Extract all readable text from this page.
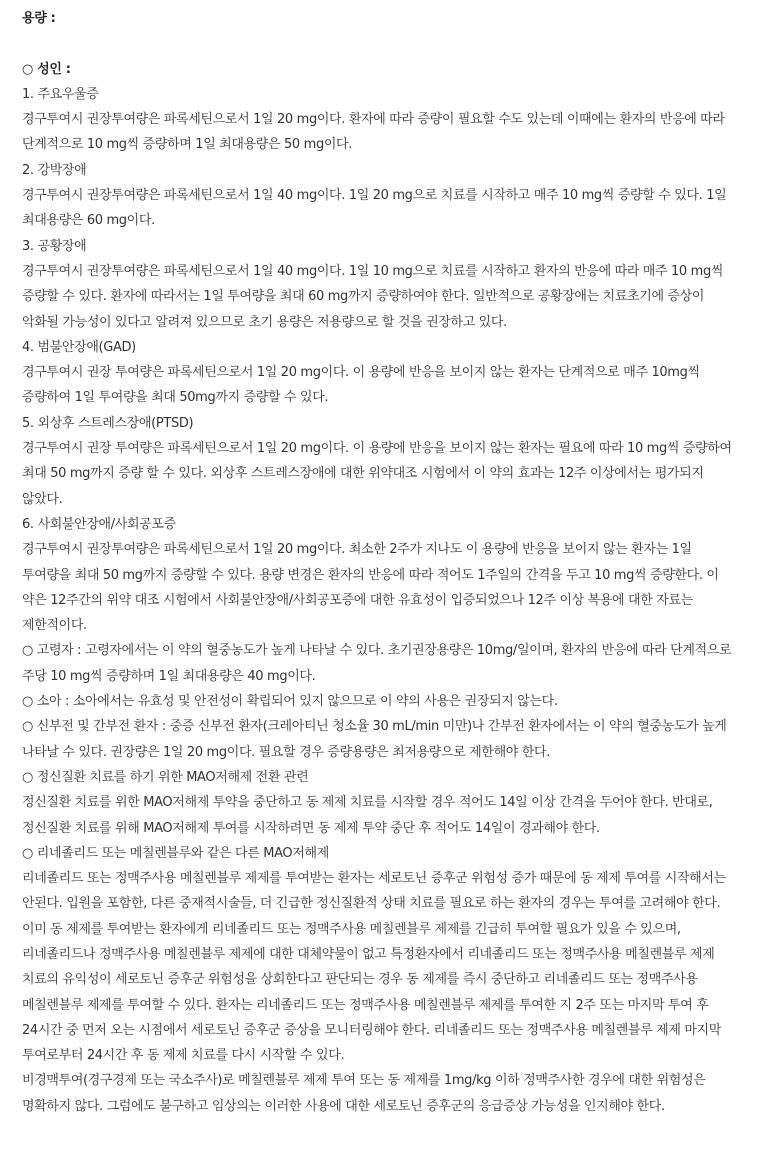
용량 :

○ 성인 :

1. 주요우울증

경구투여시 권장투여량은 파록세틴으로서 1일 20 mg이다. 환자에 따라 증량이 필요할 수도 있는데 이때에는 환자의 반응에 따라 단계적으로 10 mg씩 증량하며 1일 최대용량은 50 mg이다.

2. 강박장애

경구투여시 권장투여량은 파록세틴으로서 1일 40 mg이다. 1일 20 mg으로 치료를 시작하고 매주 10 mg씩 증량할 수 있다. 1일 최대용량은 60 mg이다.

3. 공황장애

경구투여시 권장투여량은 파록세틴으로서 1일 40 mg이다. 1일 10 mg으로 치료를 시작하고 환자의 반응에 따라 매주 10 mg씩 증량할 수 있다. 환자에 따라서는 1일 투여량을 최대 60 mg까지 증량하여야 한다. 일반적으로 공황장애는 치료초기에 증상이 악화될 가능성이 있다고 알려져 있으므로 초기 용량은 저용량으로 할 것을 권장하고 있다.

4. 범불안장애(GAD)

경구투여시 권장 투여량은 파록세틴으로서 1일 20 mg이다. 이 용량에 반응을 보이지 않는 환자는 단계적으로 매주 10mg씩 증량하여 1일 투여량을 최대 50mg까지 증량할 수 있다.

5. 외상후 스트레스장애(PTSD)

경구투여시 권장 투여량은 파록세틴으로서 1일 20 mg이다. 이 용량에 반응을 보이지 않는 환자는 필요에 따라 10 mg씩 증량하여 최대 50 mg까지 증량 할 수 있다. 외상후 스트레스장애에 대한 위약대조 시험에서 이 약의 효과는 12주 이상에서는 평가되지 않았다.

6. 사회불안장애/사회공포증

경구투여시 권장투여량은 파록세틴으로서 1일 20 mg이다. 최소한 2주가 지나도 이 용량에 반응을 보이지 않는 환자는 1일 투여량을 최대 50 mg까지 증량할 수 있다. 용량 변경은 환자의 반응에 따라 적어도 1주일의 간격을 두고 10 mg씩 증량한다. 이 약은 12주간의 위약 대조 시험에서 사회불안장애/사회공포증에 대한 유효성이 입증되었으나 12주 이상 복용에 대한 자료는 제한적이다.

○ 고령자 : 고령자에서는 이 약의 혈중농도가 높게 나타날 수 있다. 초기권장용량은 10mg/일이며, 환자의 반응에 따라 단계적으로 주당 10 mg씩 증량하며 1일 최대용량은 40 mg이다.

○ 소아 : 소아에서는 유효성 및 안전성이 확립되어 있지 않으므로 이 약의 사용은 권장되지 않는다.

○ 신부전 및 간부전 환자 : 중증 신부전 환자(크레아티닌 청소율 30 mL/min 미만)나 간부전 환자에서는 이 약의 혈중농도가 높게 나타날 수 있다. 권장량은 1일 20 mg이다. 필요할 경우 증량용량은 최저용량으로 제한해야 한다.

○ 정신질환 치료를 하기 위한 MAO저해제 전환 관련

정신질환 치료를 위한 MAO저해제 투약을 중단하고 동 제제 치료를 시작할 경우 적어도 14일 이상 간격을 두어야 한다. 반대로, 정신질환 치료를 위해 MAO저해제 투여를 시작하려면 동 제제 투약 중단 후 적어도 14일이 경과해야 한다.

○ 리네졸리드 또는 메칠렌블루와 같은 다른 MAO저해제

리네졸리드 또는 정맥주사용 메칠렌블루 제제를 투여받는 환자는 세로토닌 증후군 위험성 증가 때문에 동 제제 투여를 시작해서는 안된다. 입원을 포함한, 다른 중재적시술들, 더 긴급한 정신질환적 상태 치료를 필요로 하는 환자의 경우는 투여를 고려해야 한다.

이미 동 제제를 투여받는 환자에게 리네졸리드 또는 정맥주사용 메칠렌블루 제제를 긴급히 투여할 필요가 있을 수 있으며, 리네졸리드나 정맥주사용 메칠렌블루 제제에 대한 대체약물이 없고 특정환자에서 리네졸리드 또는 정맥주사용 메칠렌블루 제제 치료의 유익성이 세로토닌 증후군 위험성을 상회한다고 판단되는 경우 동 제제를 즉시 중단하고 리네졸리드 또는 정맥주사용 메칠렌블루 제제를 투여할 수 있다. 환자는 리네졸리드 또는 정맥주사용 메칠렌블루 제제를 투여한 지 2주 또는 마지막 투여 후 24시간 중 먼저 오는 시점에서 세로토닌 증후군 증상을 모니터링해야 한다. 리네졸리드 또는 정맥주사용 메칠렌블루 제제 마지막 투여로부터 24시간 후 동 제제 치료를 다시 시작할 수 있다.

비경맥투여(경구경제 또는 국소주사)로 메칠렌블루 제제 투여 또는 동 제제를 1mg/kg 이하 정맥주사한 경우에 대한 위험성은 명확하지 않다. 그럼에도 불구하고 임상의는 이러한 사용에 대한 세로토닌 증후군의 응급증상 가능성을 인지해야 한다.
